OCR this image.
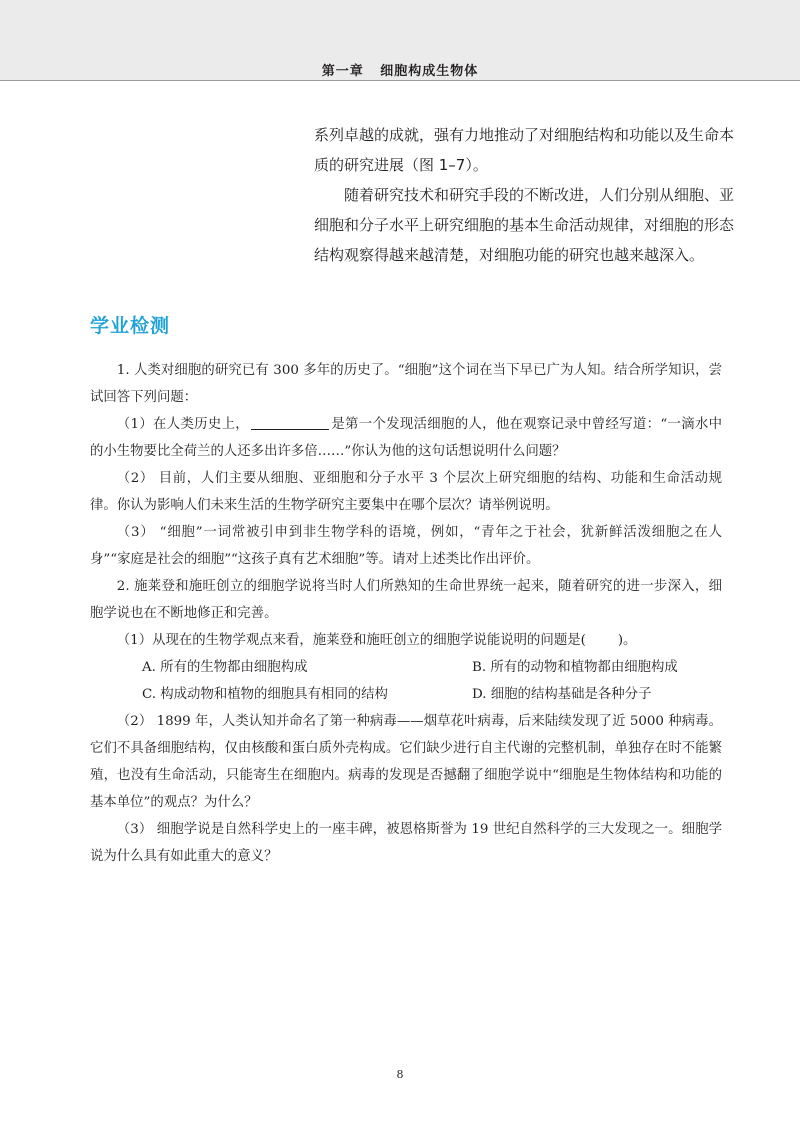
第一章 细胞构成生物体

系列卓越的成就，强有力地推动了对细胞结构和功能以及生命本质的研究进展（图 1–7）。

随着研究技术和研究手段的不断改进，人们分别从细胞、亚细胞和分子水平上研究细胞的基本生命活动规律，对细胞的形态结构观察得越来越清楚，对细胞功能的研究也越来越深入。

学业检测

1. 人类对细胞的研究已有 300 多年的历史了。“细胞”这个词在当下早已广为人知。结合所学知识，尝试回答下列问题：

（1）在人类历史上，	是第一个发现活细胞的人，他在观察记录中曾经写道：“一滴水中的小生物要比全荷兰的人还多出许多倍……”你认为他的这句话想说明什么问题？

（2） 目前，人们主要从细胞、亚细胞和分子水平 3 个层次上研究细胞的结构、功能和生命活动规律。你认为影响人们未来生活的生物学研究主要集中在哪个层次？请举例说明。

（3） “细胞”一词常被引申到非生物学科的语境，例如，“青年之于社会，犹新鲜活泼细胞之在人身”“家庭是社会的细胞”“这孩子真有艺术细胞”等。请对上述类比作出评价。

2. 施莱登和施旺创立的细胞学说将当时人们所熟知的生命世界统一起来，随着研究的进一步深入，细胞学说也在不断地修正和完善。

（1）从现在的生物学观点来看，施莱登和施旺创立的细胞学说能说明的问题是( )。

A. 所有的生物都由细胞构成	B. 所有的动物和植物都由细胞构成
C. 构成动物和植物的细胞具有相同的结构	D. 细胞的结构基础是各种分子

（2） 1899 年，人类认知并命名了第一种病毒——烟草花叶病毒，后来陆续发现了近 5000 种病毒。它们不具备细胞结构，仅由核酸和蛋白质外壳构成。它们缺少进行自主代谢的完整机制，单独存在时不能繁殖，也没有生命活动，只能寄生在细胞内。病毒的发现是否撼翻了细胞学说中“细胞是生物体结构和功能的基本单位”的观点？为什么？

（3） 细胞学说是自然科学史上的一座丰碑，被恩格斯誉为 19 世纪自然科学的三大发现之一。细胞学说为什么具有如此重大的意义？

8
